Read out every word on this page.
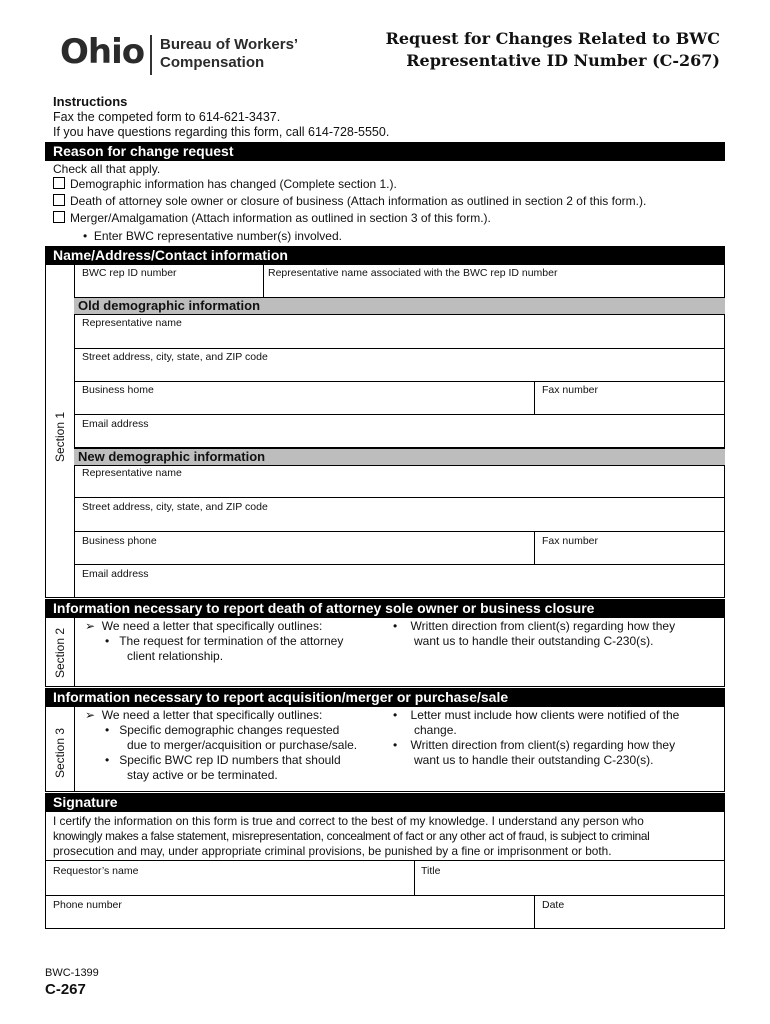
Ohio Bureau of Workers’
Compensation
Request for Changes Related to BWC
Representative ID Number (C-267)
Instructions
Fax the competed form to 614-621-3437.
If you have questions regarding this form, call 614-728-5550.
Reason for change request
Check all that apply.
Demographic information has changed (Complete section 1.).
Death of attorney sole owner or closure of business (Attach information as outlined in section 2 of this form.).
Merger/Amalgamation (Attach information as outlined in section 3 of this form.).
•  Enter BWC representative number(s) involved.
Name/Address/Contact information
Section 1
BWC rep ID number	Representative name associated with the BWC rep ID number
Old demographic information
Representative name
Street address, city, state, and ZIP code
Business home	Fax number
Email address
New demographic information
Representative name
Street address, city, state, and ZIP code
Business phone	Fax number
Email address
Information necessary to report death of attorney sole owner or business closure
Section 2
➢  We need a letter that specifically outlines:
•   The request for termination of the attorney
client relationship.
•    Written direction from client(s) regarding how they
want us to handle their outstanding C-230(s).
Information necessary to report acquisition/merger or purchase/sale
Section 3
➢  We need a letter that specifically outlines:
•   Specific demographic changes requested
due to merger/acquisition or purchase/sale.
•   Specific BWC rep ID numbers that should
stay active or be terminated.
•    Letter must include how clients were notified of the
change.
•    Written direction from client(s) regarding how they
want us to handle their outstanding C-230(s).
Signature
I certify the information on this form is true and correct to the best of my knowledge. I understand any person who
knowingly makes a false statement, misrepresentation, concealment of fact or any other act of fraud, is subject to criminal
prosecution and may, under appropriate criminal provisions, be punished by a fine or imprisonment or both.
Requestor’s name	Title
Phone number	Date
BWC-1399
C-267
